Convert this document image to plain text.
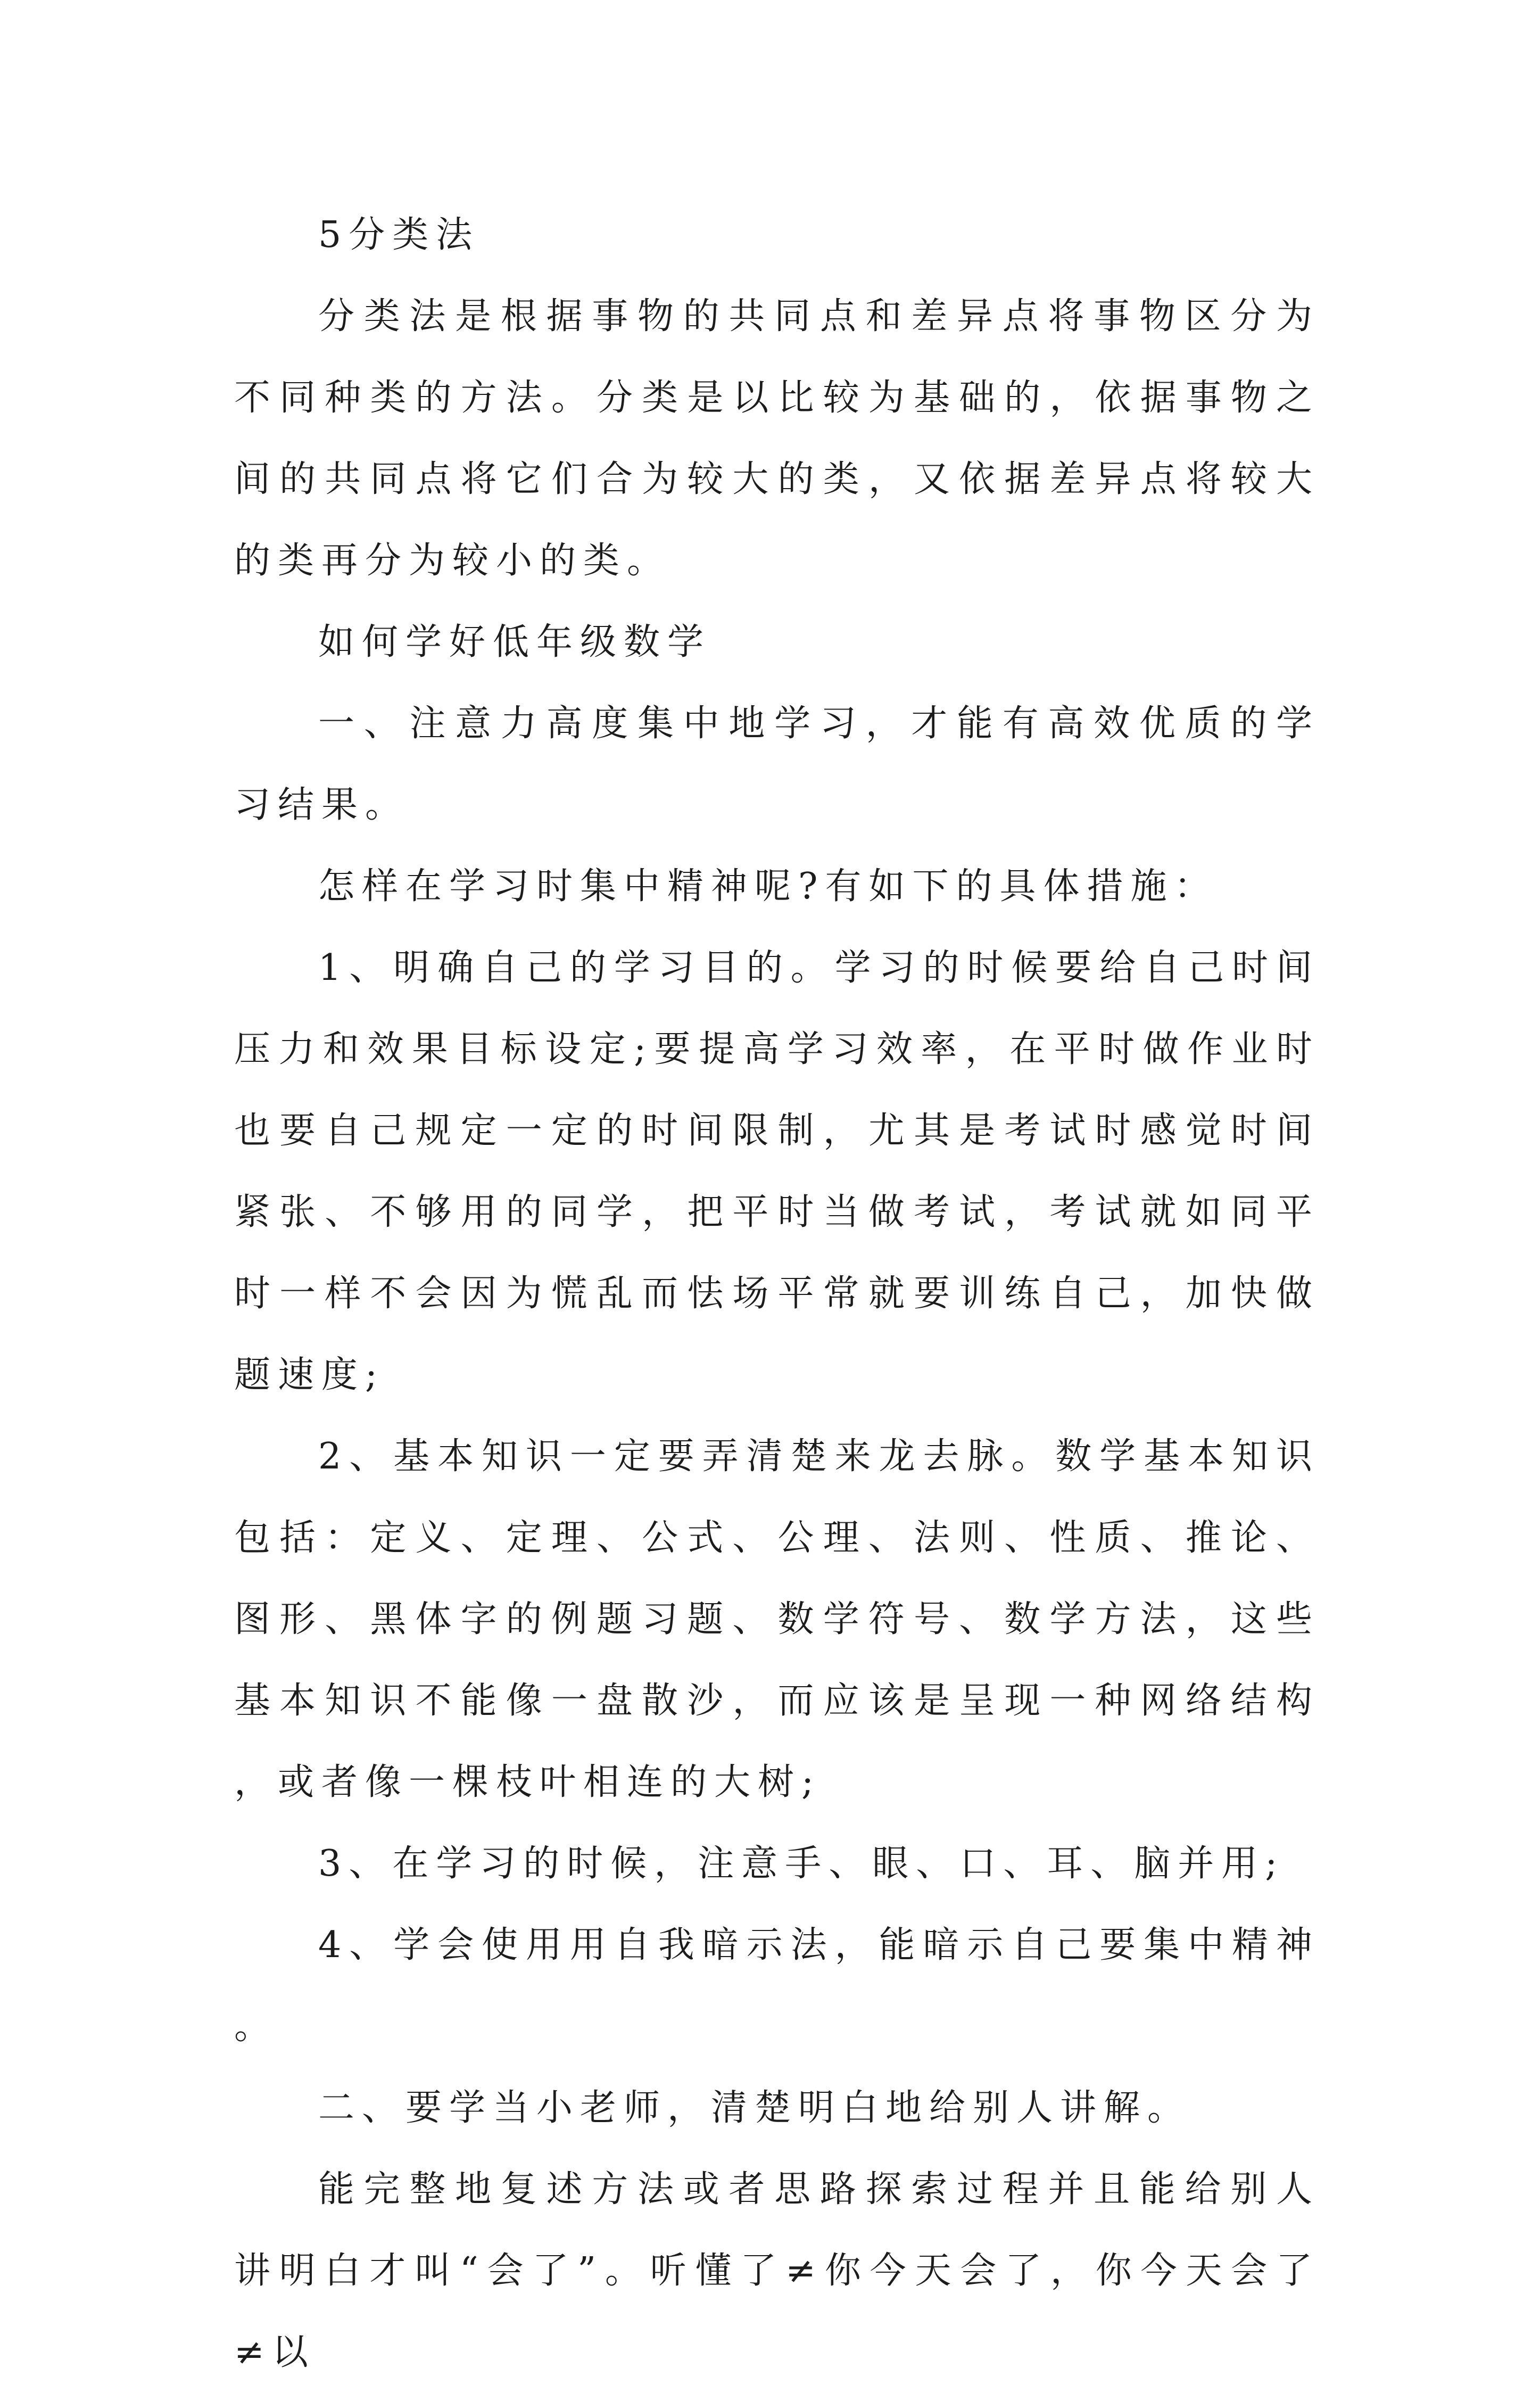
5分类法

分类法是根据事物的共同点和差异点将事物区分为不同种类的方法。分类是以比较为基础的，依据事物之间的共同点将它们合为较大的类，又依据差异点将较大的类再分为较小的类。

如何学好低年级数学

一、注意力高度集中地学习，才能有高效优质的学习结果。

怎样在学习时集中精神呢?有如下的具体措施：

1、明确自己的学习目的。学习的时候要给自己时间压力和效果目标设定;要提高学习效率，在平时做作业时也要自己规定一定的时间限制，尤其是考试时感觉时间紧张、不够用的同学，把平时当做考试，考试就如同平时一样不会因为慌乱而怯场平常就要训练自己，加快做题速度;

2、基本知识一定要弄清楚来龙去脉。数学基本知识包括：定义、定理、公式、公理、法则、性质、推论、图形、黑体字的例题习题、数学符号、数学方法，这些基本知识不能像一盘散沙，而应该是呈现一种网络结构，或者像一棵枝叶相连的大树;

3、在学习的时候，注意手、眼、口、耳、脑并用;

4、学会使用用自我暗示法，能暗示自己要集中精神。

二、要学当小老师，清楚明白地给别人讲解。

能完整地复述方法或者思路探索过程并且能给别人讲明白才叫“会了”。听懂了≠你今天会了，你今天会了≠以
